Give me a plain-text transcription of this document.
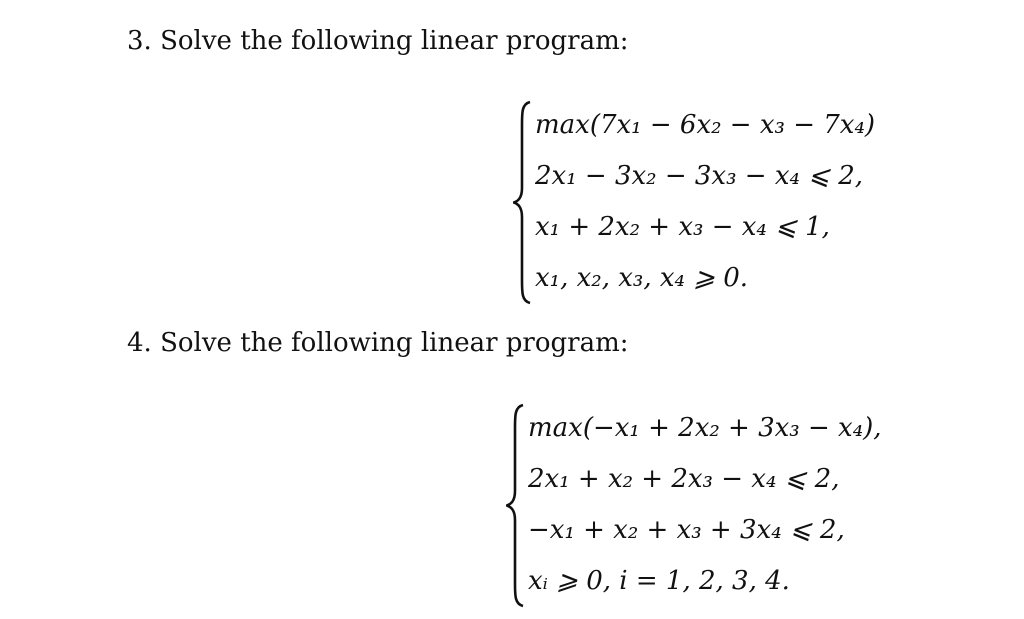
3. Solve the following linear program:
max(7x₁ − 6x₂ − x₃ − 7x₄)
2x₁ − 3x₂ − 3x₃ − x₄ ⩽ 2,
x₁ + 2x₂ + x₃ − x₄ ⩽ 1,
x₁, x₂, x₃, x₄ ⩾ 0.
4. Solve the following linear program:
max(−x₁ + 2x₂ + 3x₃ − x₄),
2x₁ + x₂ + 2x₃ − x₄ ⩽ 2,
−x₁ + x₂ + x₃ + 3x₄ ⩽ 2,
xᵢ ⩾ 0, i = 1, 2, 3, 4.
